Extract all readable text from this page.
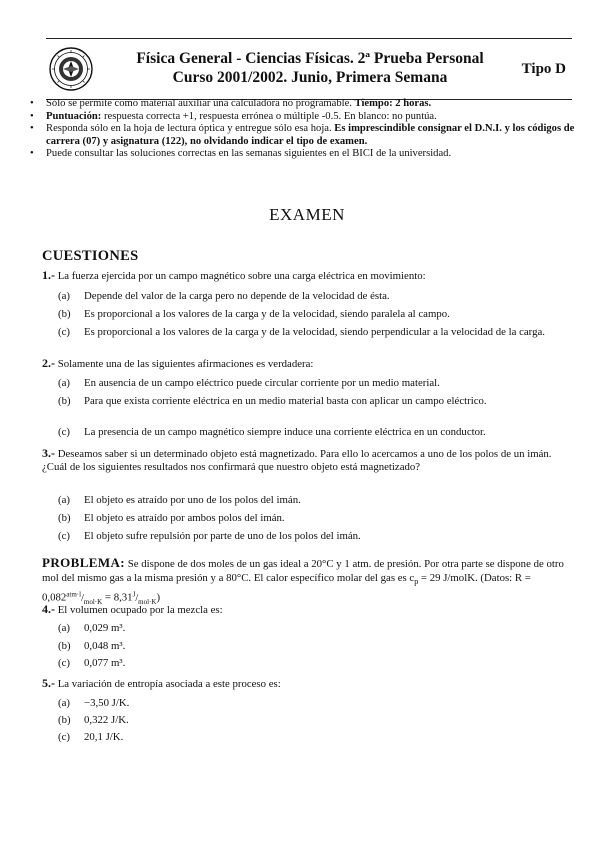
Física General - Ciencias Físicas. 2ª Prueba Personal
Curso 2001/2002. Junio, Primera Semana	Tipo D
• Sólo se permite como material auxiliar una calculadora no programable. Tiempo: 2 horas.
• Puntuación: respuesta correcta +1, respuesta errónea o múltiple -0.5. En blanco: no puntúa.
• Responda sólo en la hoja de lectura óptica y entregue sólo esa hoja. Es imprescindible consignar el D.N.I. y los códigos de carrera (07) y asignatura (122), no olvidando indicar el tipo de examen.
• Puede consultar las soluciones correctas en las semanas siguientes en el BICI de la universidad.
EXAMEN
CUESTIONES
1.- La fuerza ejercida por un campo magnético sobre una carga eléctrica en movimiento:
(a)	Depende del valor de la carga pero no depende de la velocidad de ésta.
(b)	Es proporcional a los valores de la carga y de la velocidad, siendo paralela al campo.
(c)	Es proporcional a los valores de la carga y de la velocidad, siendo perpendicular a la velocidad de la carga.
2.- Solamente una de las siguientes afirmaciones es verdadera:
(a)	En ausencia de un campo eléctrico puede circular corriente por un medio material.
(b)	Para que exista corriente eléctrica en un medio material basta con aplicar un campo eléctrico.
(c)	La presencia de un campo magnético siempre induce una corriente eléctrica en un conductor.
3.- Deseamos saber si un determinado objeto está magnetizado. Para ello lo acercamos a uno de los polos de un imán. ¿Cuál de los siguientes resultados nos confirmará que nuestro objeto está magnetizado?
(a)	El objeto es atraído por uno de los polos del imán.
(b)	El objeto es atraído por ambos polos del imán.
(c)	El objeto sufre repulsión por parte de uno de los polos del imán.
PROBLEMA: Se dispone de dos moles de un gas ideal a 20°C y 1 atm. de presión. Por otra parte se dispone de otro mol del mismo gas a la misma presión y a 80°C. El calor específico molar del gas es $c_p = 29$ J/molK. (Datos: $R = 0,082^{atm\cdot l}/_{mol\cdot K} = 8,31^J/_{mol\cdot K}$)
4.- El volumen ocupado por la mezcla es:
(a)	0,029 m³.
(b)	0,048 m³.
(c)	0,077 m³.
5.- La variación de entropía asociada a este proceso es:
(a)	−3,50 J/K.
(b)	0,322 J/K.
(c)	20,1 J/K.
